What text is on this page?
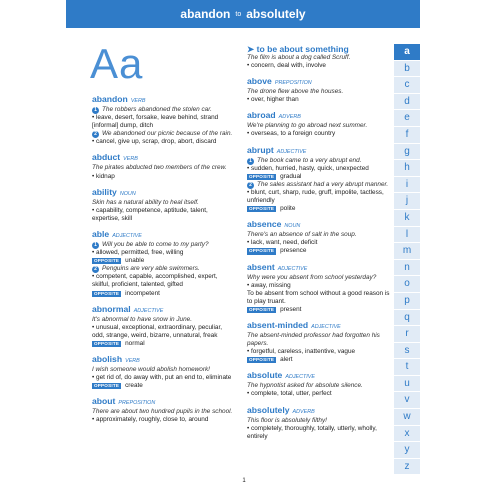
abandon to absolutely
Aa
abandon VERB
1 The robbers abandoned the stolen car.
• leave, desert, forsake, leave behind, strand [informal] dump, ditch
2 We abandoned our picnic because of the rain.
• cancel, give up, scrap, drop, abort, discard
abduct VERB
The pirates abducted two members of the crew.
• kidnap
ability NOUN
Skin has a natural ability to heal itself.
• capability, competence, aptitude, talent, expertise, skill
able ADJECTIVE
1 Will you be able to come to my party?
• allowed, permitted, free, willing
OPPOSITE unable
2 Penguins are very able swimmers.
• competent, capable, accomplished, expert, skilful, proficient, talented, gifted
OPPOSITE incompetent
abnormal ADJECTIVE
It's abnormal to have snow in June.
• unusual, exceptional, extraordinary, peculiar, odd, strange, weird, bizarre, unnatural, freak
OPPOSITE normal
abolish VERB
I wish someone would abolish homework!
• get rid of, do away with, put an end to, eliminate
OPPOSITE create
about PREPOSITION
There are about two hundred pupils in the school.
• approximately, roughly, close to, around
➤ to be about something
The film is about a dog called Scruff.
• concern, deal with, involve
above PREPOSITION
The drone flew above the houses.
• over, higher than
abroad ADVERB
We're planning to go abroad next summer.
• overseas, to a foreign country
abrupt ADJECTIVE
1 The book came to a very abrupt end.
• sudden, hurried, hasty, quick, unexpected
OPPOSITE gradual
2 The sales assistant had a very abrupt manner.
• blunt, curt, sharp, rude, gruff, impolite, tactless, unfriendly
OPPOSITE polite
absence NOUN
There's an absence of salt in the soup.
• lack, want, need, deficit
OPPOSITE presence
absent ADJECTIVE
Why were you absent from school yesterday?
• away, missing
To be absent from school without a good reason is to play truant.
OPPOSITE present
absent-minded ADJECTIVE
The absent-minded professor had forgotten his papers.
• forgetful, careless, inattentive, vague
OPPOSITE alert
absolute ADJECTIVE
The hypnotist asked for absolute silence.
• complete, total, utter, perfect
absolutely ADVERB
This floor is absolutely filthy!
• completely, thoroughly, totally, utterly, wholly, entirely
a
b
c
d
e
f
g
h
i
j
k
l
m
n
o
p
q
r
s
t
u
v
w
x
y
z
1
